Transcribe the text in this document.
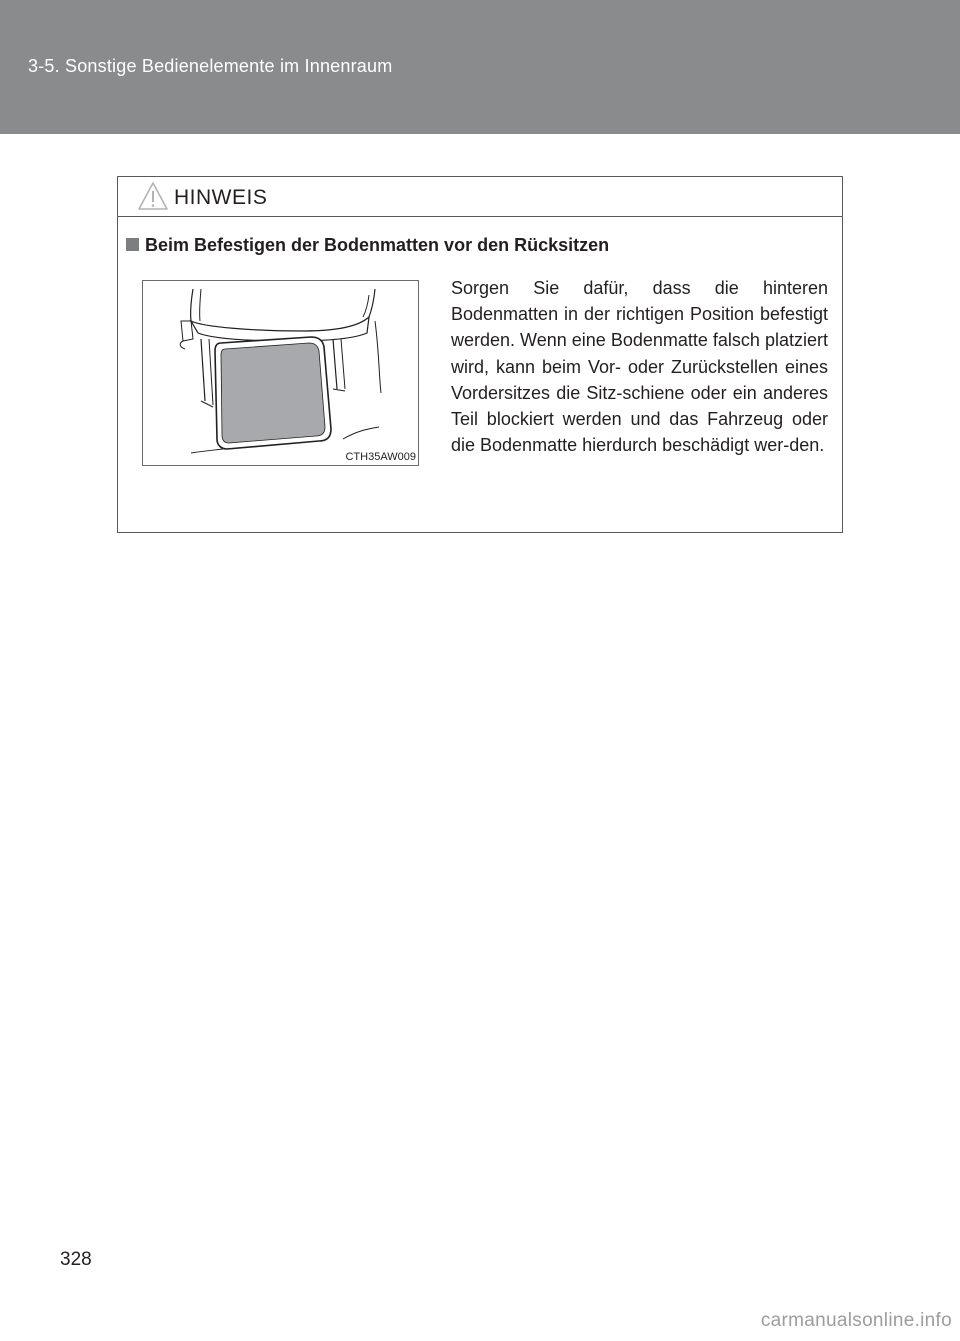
3-5. Sonstige Bedienelemente im Innenraum
HINWEIS
Beim Befestigen der Bodenmatten vor den Rücksitzen
CTH35AW009
Sorgen Sie dafür, dass die hinteren Bodenmatten in der richtigen Position befestigt werden. Wenn eine Bodenmatte falsch platziert wird, kann beim Vor- oder Zurückstellen eines Vordersitzes die Sitz-schiene oder ein anderes Teil blockiert werden und das Fahrzeug oder die Bodenmatte hierdurch beschädigt wer-den.
328
carmanualsonline.info
